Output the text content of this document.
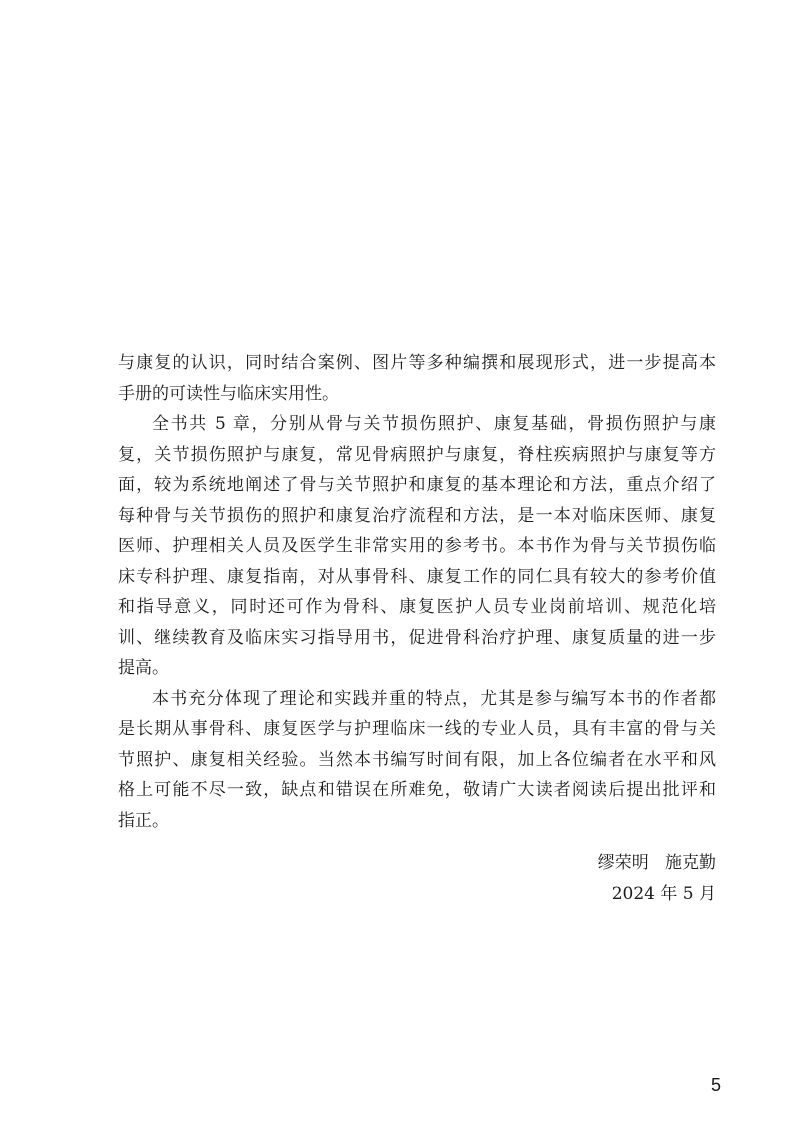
与康复的认识，同时结合案例、图片等多种编撰和展现形式，进一步提高本
手册的可读性与临床实用性。

全书共 5 章，分别从骨与关节损伤照护、康复基础，骨损伤照护与康
复，关节损伤照护与康复，常见骨病照护与康复，脊柱疾病照护与康复等方
面，较为系统地阐述了骨与关节照护和康复的基本理论和方法，重点介绍了
每种骨与关节损伤的照护和康复治疗流程和方法，是一本对临床医师、康复
医师、护理相关人员及医学生非常实用的参考书。本书作为骨与关节损伤临
床专科护理、康复指南，对从事骨科、康复工作的同仁具有较大的参考价值
和指导意义，同时还可作为骨科、康复医护人员专业岗前培训、规范化培
训、继续教育及临床实习指导用书，促进骨科治疗护理、康复质量的进一步
提高。

本书充分体现了理论和实践并重的特点，尤其是参与编写本书的作者都
是长期从事骨科、康复医学与护理临床一线的专业人员，具有丰富的骨与关
节照护、康复相关经验。当然本书编写时间有限，加上各位编者在水平和风
格上可能不尽一致，缺点和错误在所难免，敬请广大读者阅读后提出批评和
指正。

缪荣明   施克勤
2024 年 5 月
5
